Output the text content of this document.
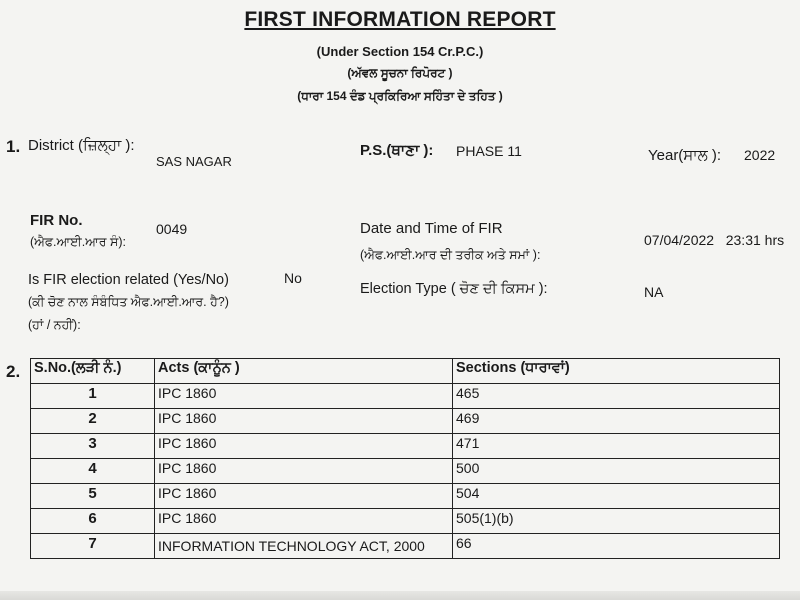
FIRST INFORMATION REPORT
(Under Section 154 Cr.P.C.)
(ਅੱਵਲ ਸੂਚਨਾ ਰਿਪੋਰਟ )
(ਧਾਰਾ 154 ਦੰਡ ਪ੍ਰਕਿਰਿਆ ਸਹਿੰਤਾ ਦੇ ਤਹਿਤ )
1. District (ਜ਼ਿਲ੍ਹਾ ):
SAS NAGAR
P.S.(ਥਾਣਾ ): PHASE 11	Year(ਸਾਲ ): 2022
FIR No.
(ਐਫ.ਆਈ.ਆਰ ਸੰ):
0049	Date and Time of FIR
(ਐਫ.ਆਈ.ਆਰ ਦੀ ਤਰੀਕ ਅਤੇ ਸਮਾਂ ):
07/04/2022   23:31 hrs
Is FIR election related (Yes/No)	No
(ਕੀ ਚੋਣ ਨਾਲ ਸੰਬੰਧਿਤ ਐਫ.ਆਈ.ਆਰ. ਹੈ?)
(ਹਾਂ / ਨਹੀਂ):
Election Type ( ਚੋਣ ਦੀ ਕਿਸਮ ):	NA
2. S.No.(ਲੜੀ ਨੰ.)	Acts (ਕਾਨੂੰਨ )	Sections (ਧਾਰਾਵਾਂ)
1	IPC 1860	465
2	IPC 1860	469
3	IPC 1860	471
4	IPC 1860	500
5	IPC 1860	504
6	IPC 1860	505(1)(b)
7	INFORMATION TECHNOLOGY ACT, 2000	66
